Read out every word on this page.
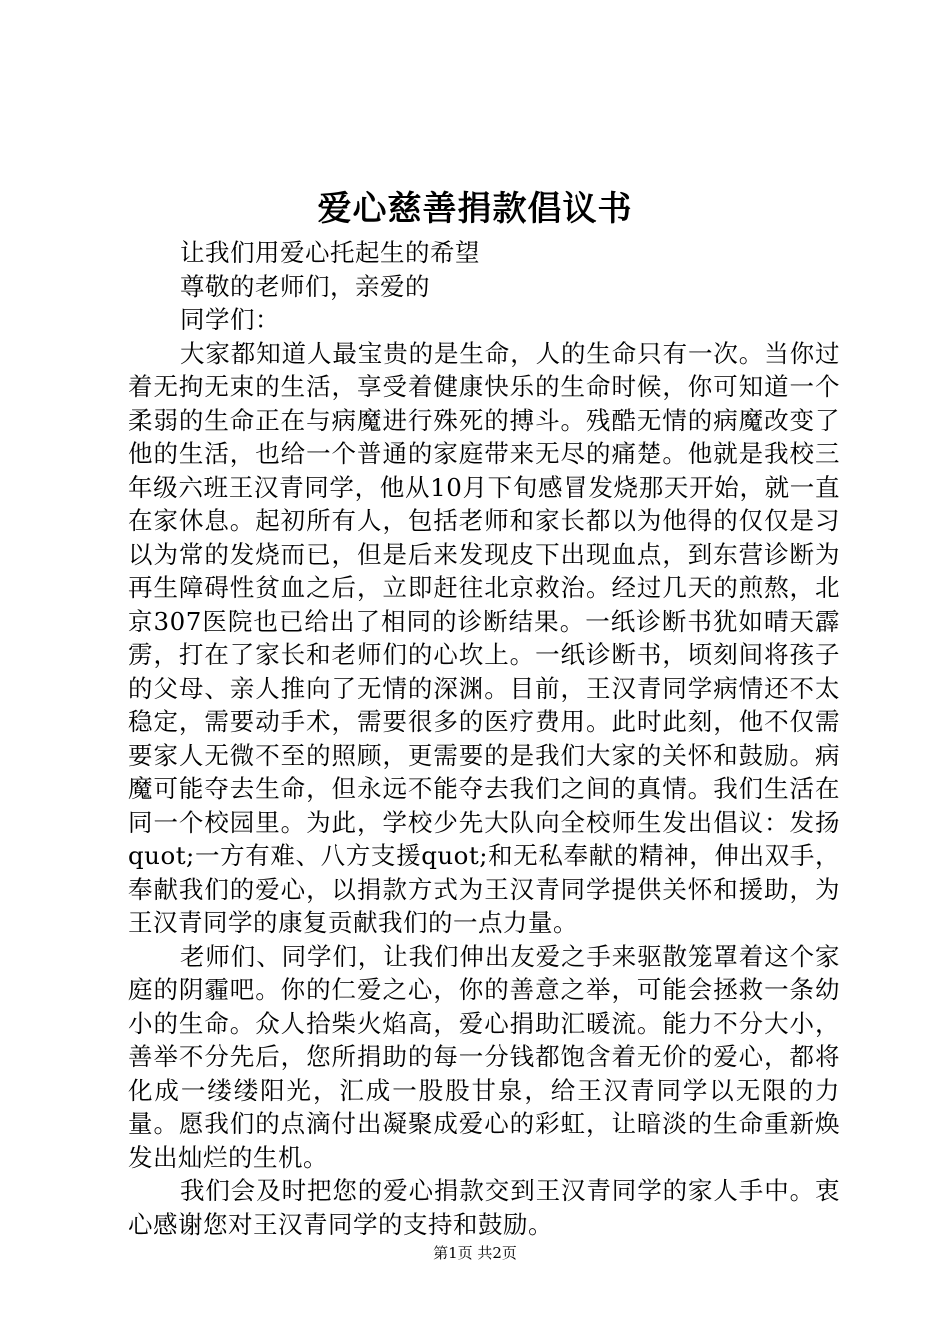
爱心慈善捐款倡议书

让我们用爱心托起生的希望

尊敬的老师们，亲爱的

同学们：

大家都知道人最宝贵的是生命，人的生命只有一次。当你过着无拘无束的生活，享受着健康快乐的生命时候，你可知道一个柔弱的生命正在与病魔进行殊死的搏斗。残酷无情的病魔改变了他的生活，也给一个普通的家庭带来无尽的痛楚。他就是我校三年级六班王汉青同学，他从10月下旬感冒发烧那天开始，就一直在家休息。起初所有人，包括老师和家长都以为他得的仅仅是习以为常的发烧而已，但是后来发现皮下出现血点，到东营诊断为再生障碍性贫血之后，立即赶往北京救治。经过几天的煎熬，北京307医院也已给出了相同的诊断结果。一纸诊断书犹如晴天霹雳，打在了家长和老师们的心坎上。一纸诊断书，顷刻间将孩子的父母、亲人推向了无情的深渊。目前，王汉青同学病情还不太稳定，需要动手术，需要很多的医疗费用。此时此刻，他不仅需要家人无微不至的照顾，更需要的是我们大家的关怀和鼓励。病魔可能夺去生命，但永远不能夺去我们之间的真情。我们生活在同一个校园里。为此，学校少先大队向全校师生发出倡议：发扬quot;一方有难、八方支援quot;和无私奉献的精神，伸出双手，奉献我们的爱心，以捐款方式为王汉青同学提供关怀和援助，为王汉青同学的康复贡献我们的一点力量。

老师们、同学们，让我们伸出友爱之手来驱散笼罩着这个家庭的阴霾吧。你的仁爱之心，你的善意之举，可能会拯救一条幼小的生命。众人拾柴火焰高，爱心捐助汇暖流。能力不分大小，善举不分先后，您所捐助的每一分钱都饱含着无价的爱心，都将化成一缕缕阳光，汇成一股股甘泉，给王汉青同学以无限的力量。愿我们的点滴付出凝聚成爱心的彩虹，让暗淡的生命重新焕发出灿烂的生机。

我们会及时把您的爱心捐款交到王汉青同学的家人手中。衷心感谢您对王汉青同学的支持和鼓励。

第1页 共2页
